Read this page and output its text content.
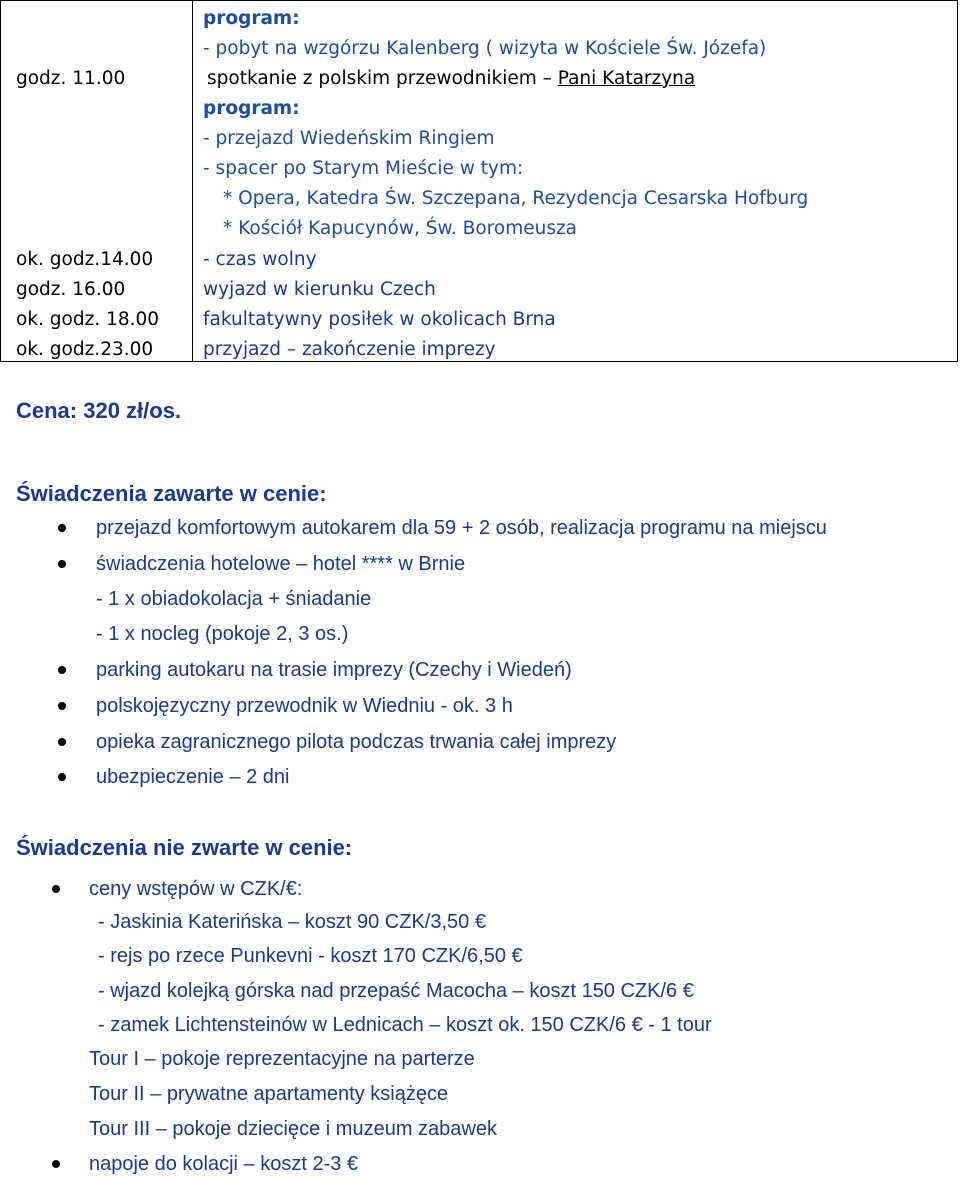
godz. 11.00
ok. godz.14.00
godz. 16.00
ok. godz. 18.00
ok. godz.23.00
program:
- pobyt na wzgórzu Kalenberg ( wizyta w Kościele Św. Józefa)
spotkanie z polskim przewodnikiem – Pani Katarzyna
program:
- przejazd Wiedeńskim Ringiem
- spacer po Starym Mieście w tym:
* Opera, Katedra Św. Szczepana, Rezydencja Cesarska Hofburg
* Kościół Kapucynów, Św. Boromeusza
- czas wolny
wyjazd w kierunku Czech
fakultatywny posiłek w okolicach Brna
przyjazd – zakończenie imprezy
Cena: 320 zł/os.
Świadczenia zawarte w cenie:
przejazd komfortowym autokarem dla 59 + 2 osób, realizacja programu na miejscu
świadczenia hotelowe – hotel **** w Brnie
- 1 x obiadokolacja + śniadanie
- 1 x nocleg (pokoje 2, 3 os.)
parking autokaru na trasie imprezy (Czechy i Wiedeń)
polskojęzyczny przewodnik w Wiedniu - ok. 3 h
opieka zagranicznego pilota podczas trwania całej imprezy
ubezpieczenie – 2 dni
Świadczenia nie zwarte w cenie:
ceny wstępów w CZK/€:
- Jaskinia Katerińska – koszt 90 CZK/3,50 €
- rejs po rzece Punkevni - koszt 170 CZK/6,50 €
- wjazd kolejką górska nad przepaść Macocha – koszt 150 CZK/6 €
- zamek Lichtensteinów w Lednicach – koszt ok. 150 CZK/6 € - 1 tour
Tour I – pokoje reprezentacyjne na parterze
Tour II – prywatne apartamenty książęce
Tour III – pokoje dziecięce i muzeum zabawek
napoje do kolacji – koszt 2-3 €
